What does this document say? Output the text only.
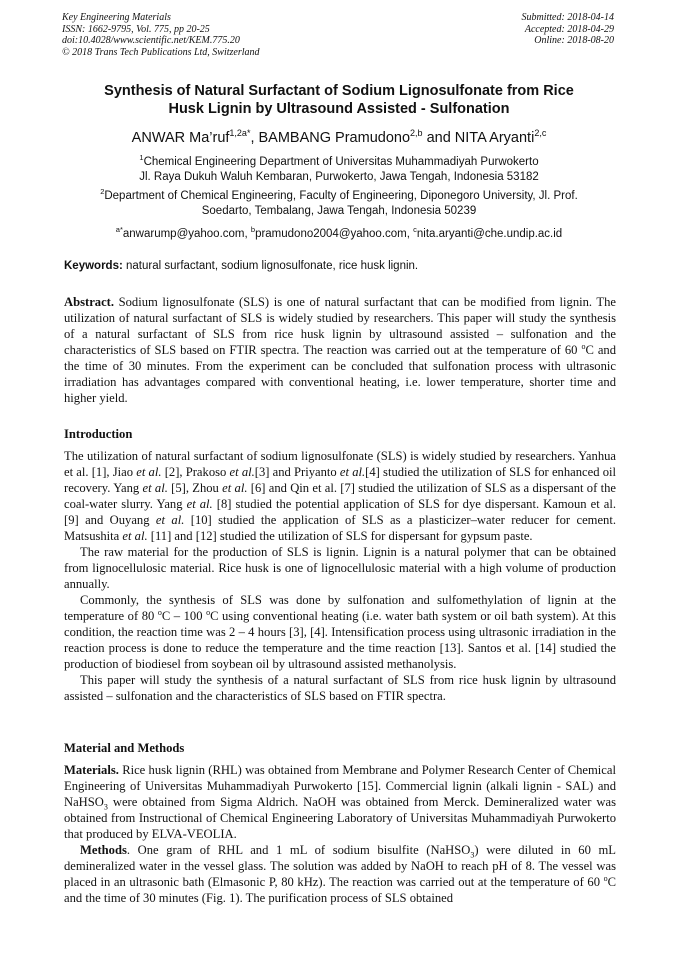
Key Engineering Materials
ISSN: 1662-9795, Vol. 775, pp 20-25
doi:10.4028/www.scientific.net/KEM.775.20
© 2018 Trans Tech Publications Ltd, Switzerland
Submitted: 2018-04-14
Accepted: 2018-04-29
Online: 2018-08-20
Synthesis of Natural Surfactant of Sodium Lignosulfonate from Rice
Husk Lignin by Ultrasound Assisted - Sulfonation
ANWAR Ma’ruf$^{1,2a*}$, BAMBANG Pramudono$^{2,b}$ and NITA Aryanti$^{2,c}$
$^1$Chemical Engineering Department of Universitas Muhammadiyah Purwokerto
Jl. Raya Dukuh Waluh Kembaran, Purwokerto, Jawa Tengah, Indonesia 53182
$^2$Department of Chemical Engineering, Faculty of Engineering, Diponegoro University, Jl. Prof.
Soedarto, Tembalang, Jawa Tengah, Indonesia 50239
$^{a*}$anwarump@yahoo.com, $^b$pramudono2004@yahoo.com, $^c$nita.aryanti@che.undip.ac.id
Keywords: natural surfactant, sodium lignosulfonate, rice husk lignin.

Abstract. Sodium lignosulfonate (SLS) is one of natural surfactant that can be modified from lignin. The utilization of natural surfactant of SLS is widely studied by researchers. This paper will study the synthesis of a natural surfactant of SLS from rice husk lignin by ultrasound assisted – sulfonation and the characteristics of SLS based on FTIR spectra. The reaction was carried out at the temperature of 60 $^o$C and the time of 30 minutes. From the experiment can be concluded that sulfonation process with ultrasonic irradiation has advantages compared with conventional heating, i.e. lower temperature, shorter time and higher yield.

Introduction

The utilization of natural surfactant of sodium lignosulfonate (SLS) is widely studied by researchers. Yanhua et al. [1], Jiao et al. [2], Prakoso et al.[3] and Priyanto et al.[4] studied the utilization of SLS for enhanced oil recovery. Yang et al. [5], Zhou et al. [6] and Qin et al. [7] studied the utilization of SLS as a dispersant of the coal-water slurry. Yang et al. [8] studied the potential application of SLS for dye dispersant. Kamoun et al. [9] and Ouyang et al. [10] studied the application of SLS as a plasticizer–water reducer for cement. Matsushita et al. [11] and [12] studied the utilization of SLS for dispersant for gypsum paste.

The raw material for the production of SLS is lignin. Lignin is a natural polymer that can be obtained from lignocellulosic material. Rice husk is one of lignocellulosic material with a high volume of production annually.

Commonly, the synthesis of SLS was done by sulfonation and sulfomethylation of lignin at the temperature of 80 $^o$C – 100 $^o$C using conventional heating (i.e. water bath system or oil bath system). At this condition, the reaction time was 2 – 4 hours [3], [4]. Intensification process using ultrasonic irradiation in the reaction process is done to reduce the temperature and the time reaction [13]. Santos et al. [14] studied the production of biodiesel from soybean oil by ultrasound assisted methanolysis.

This paper will study the synthesis of a natural surfactant of SLS from rice husk lignin by ultrasound assisted – sulfonation and the characteristics of SLS based on FTIR spectra.

Material and Methods

Materials. Rice husk lignin (RHL) was obtained from Membrane and Polymer Research Center of Chemical Engineering of Universitas Muhammadiyah Purwokerto [15]. Commercial lignin (alkali lignin - SAL) and NaHSO$_3$ were obtained from Sigma Aldrich. NaOH was obtained from Merck. Demineralized water was obtained from Instructional of Chemical Engineering Laboratory of Universitas Muhammadiyah Purwokerto that produced by ELVA-VEOLIA.

Methods. One gram of RHL and 1 mL of sodium bisulfite (NaHSO$_3$) were diluted in 60 mL demineralized water in the vessel glass. The solution was added by NaOH to reach pH of 8. The vessel was placed in an ultrasonic bath (Elmasonic P, 80 kHz). The reaction was carried out at the temperature of 60 $^o$C and the time of 30 minutes (Fig. 1). The purification process of SLS obtained
